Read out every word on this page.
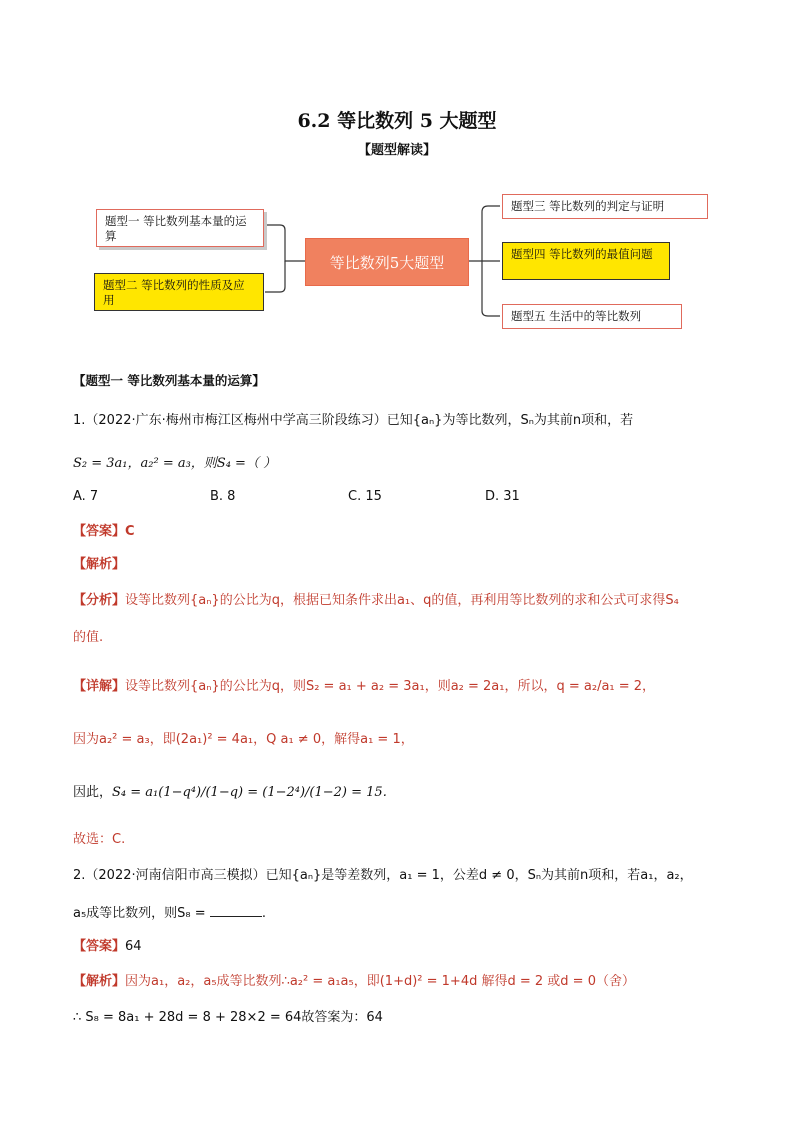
6.2 等比数列 5 大题型
【题型解读】
等比数列5大题型
题型一 等比数列基本量的运算
题型二 等比数列的性质及应用
题型三 等比数列的判定与证明
题型四 等比数列的最值问题
题型五 生活中的等比数列
【题型一 等比数列基本量的运算】
1.（2022·广东·梅州市梅江区梅州中学高三阶段练习）已知{aₙ}为等比数列，Sₙ为其前n项和，若
S₂ = 3a₁，a₂² = a₃，则S₄ =（ ）
A. 7	B. 8	C. 15	D. 31
【答案】C
【解析】
【分析】设等比数列{aₙ}的公比为q，根据已知条件求出a₁、q的值，再利用等比数列的求和公式可求得S₄
的值.
【详解】设等比数列{aₙ}的公比为q，则S₂ = a₁ + a₂ = 3a₁，则a₂ = 2a₁，所以，q = a₂/a₁ = 2，
因为a₂² = a₃，即(2a₁)² = 4a₁，Q a₁ ≠ 0，解得a₁ = 1，
因此，S₄ = a₁(1−q⁴)/(1−q) = (1−2⁴)/(1−2) = 15.
故选：C.
2.（2022·河南信阳市高三模拟）已知{aₙ}是等差数列，a₁ = 1，公差d ≠ 0，Sₙ为其前n项和，若a₁，a₂，
a₅成等比数列，则S₈ =	.
【答案】64
【解析】因为a₁，a₂，a₅成等比数列∴a₂² = a₁a₅，即(1+d)² = 1+4d 解得d = 2 或d = 0（舍）
∴ S₈ = 8a₁ + 28d = 8 + 28×2 = 64故答案为：64
